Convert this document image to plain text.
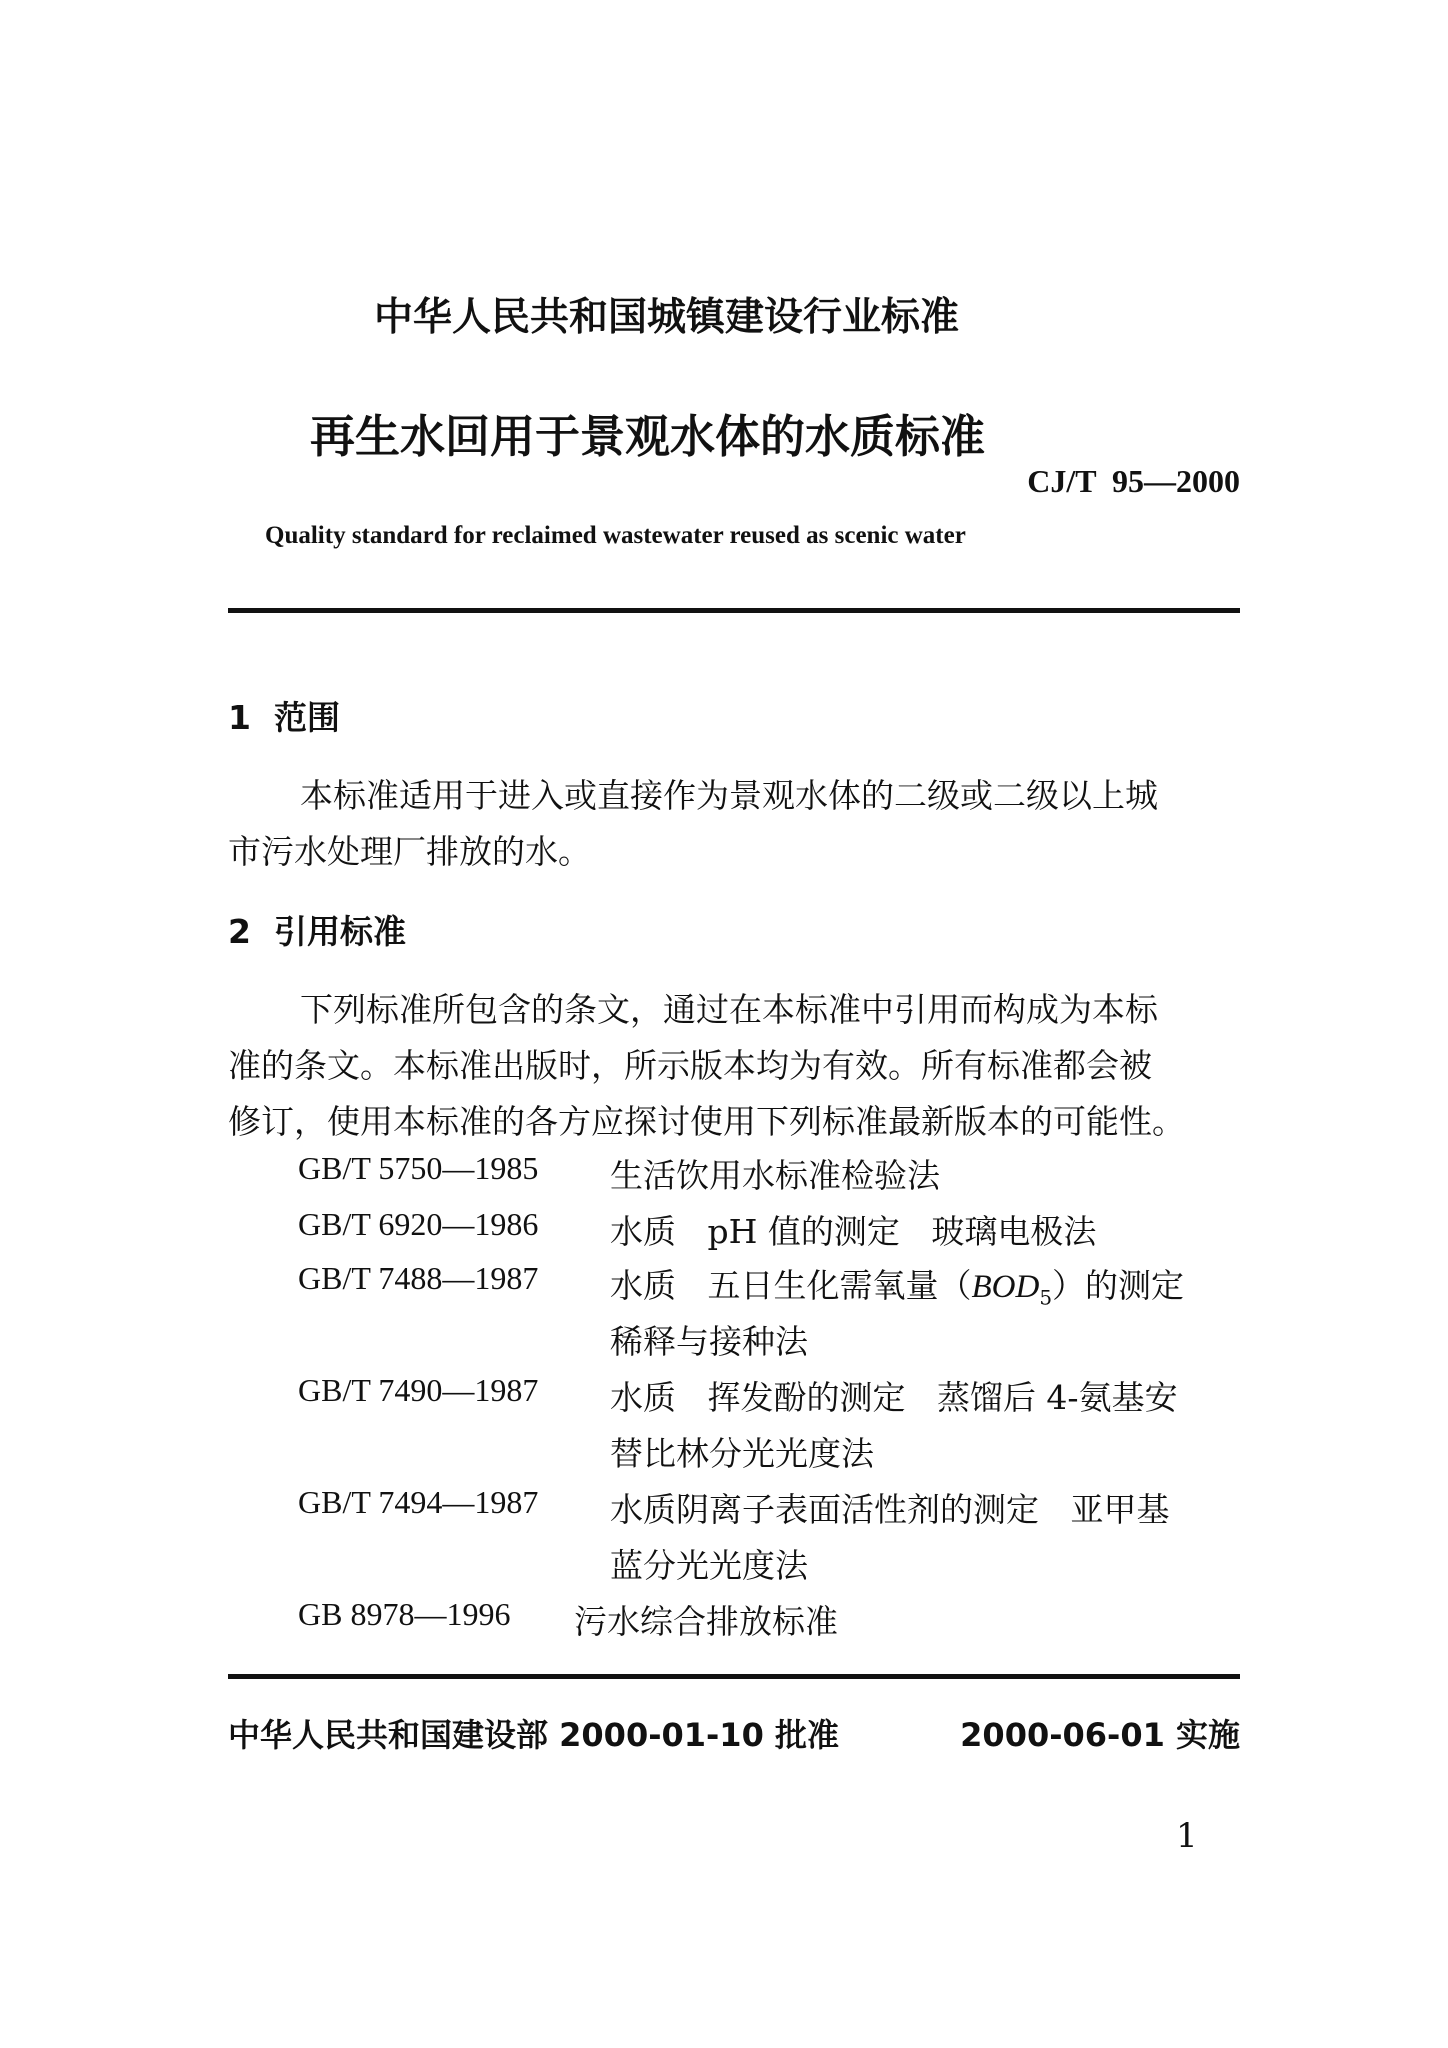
中华人民共和国城镇建设行业标准
再生水回用于景观水体的水质标准
CJ/T  95—2000
Quality standard for reclaimed wastewater reused as scenic water
1  范围

本标准适用于进入或直接作为景观水体的二级或二级以上城

市污水处理厂排放的水。

2  引用标准

下列标准所包含的条文，通过在本标准中引用而构成为本标

准的条文。本标准出版时，所示版本均为有效。所有标准都会被

修订，使用本标准的各方应探讨使用下列标准最新版本的可能性。

GB/T 5750—1985 生活饮用水标准检验法
GB/T 6920—1986 水质   pH 值的测定   玻璃电极法
GB/T 7488—1987 水质   五日生化需氧量$(BOD_5)$的测定
稀释与接种法
GB/T 7490—1987 水质   挥发酚的测定   蒸馏后 4-氨基安
替比林分光光度法
GB/T 7494—1987 水质阴离子表面活性剂的测定   亚甲基
蓝分光光度法
GB 8978—1996 污水综合排放标准
中华人民共和国建设部 2000-01-10 批准	2000-06-01 实施
1
